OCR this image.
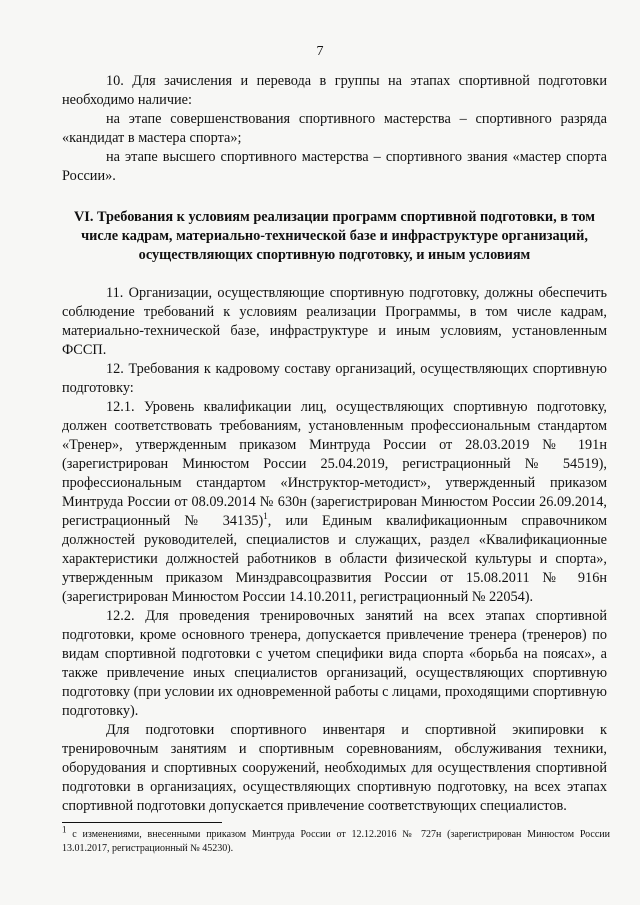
7

10. Для зачисления и перевода в группы на этапах спортивной подготовки необходимо наличие:

на этапе совершенствования спортивного мастерства – спортивного разряда «кандидат в мастера спорта»;

на этапе высшего спортивного мастерства – спортивного звания «мастер спорта России».

VI. Требования к условиям реализации программ спортивной подготовки, в том числе кадрам, материально-технической базе и инфраструктуре организаций, осуществляющих спортивную подготовку, и иным условиям

11. Организации, осуществляющие спортивную подготовку, должны обеспечить соблюдение требований к условиям реализации Программы, в том числе кадрам, материально-технической базе, инфраструктуре и иным условиям, установленным ФССП.

12. Требования к кадровому составу организаций, осуществляющих спортивную подготовку:

12.1. Уровень квалификации лиц, осуществляющих спортивную подготовку, должен соответствовать требованиям, установленным профессиональным стандартом «Тренер», утвержденным приказом Минтруда России от 28.03.2019 № 191н (зарегистрирован Минюстом России 25.04.2019, регистрационный № 54519), профессиональным стандартом «Инструктор-методист», утвержденный приказом Минтруда России от 08.09.2014 № 630н (зарегистрирован Минюстом России 26.09.2014, регистрационный № 34135)$^1$, или Единым квалификационным справочником должностей руководителей, специалистов и служащих, раздел «Квалификационные характеристики должностей работников в области физической культуры и спорта», утвержденным приказом Минздравсоцразвития России от 15.08.2011 № 916н (зарегистрирован Минюстом России 14.10.2011, регистрационный № 22054).

12.2. Для проведения тренировочных занятий на всех этапах спортивной подготовки, кроме основного тренера, допускается привлечение тренера (тренеров) по видам спортивной подготовки с учетом специфики вида спорта «борьба на поясах», а также привлечение иных специалистов организаций, осуществляющих спортивную подготовку (при условии их одновременной работы с лицами, проходящими спортивную подготовку).

Для подготовки спортивного инвентаря и спортивной экипировки к тренировочным занятиям и спортивным соревнованиям, обслуживания техники, оборудования и спортивных сооружений, необходимых для осуществления спортивной подготовки в организациях, осуществляющих спортивную подготовку, на всех этапах спортивной подготовки допускается привлечение соответствующих специалистов.

$^1$ с изменениями, внесенными приказом Минтруда России от 12.12.2016 № 727н (зарегистрирован Минюстом России 13.01.2017, регистрационный № 45230).
